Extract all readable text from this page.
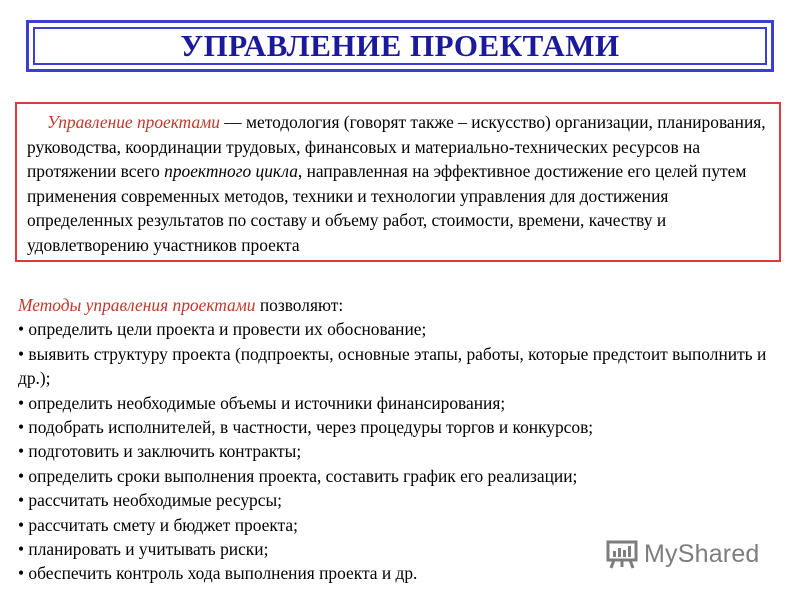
УПРАВЛЕНИЕ ПРОЕКТАМИ
Управление проектами — методология (говорят также – искусство) организации, планирования, руководства, координации трудовых, финансовых и материально-технических ресурсов на протяжении всего проектного цикла, направленная на эффективное достижение его целей путем применения современных методов, техники и технологии управления для достижения определенных результатов по составу и объему работ, стоимости, времени, качеству и удовлетворению участников проекта
Методы управления проектами позволяют:
• определить цели проекта и провести их обоснование;
• выявить структуру проекта (подпроекты, основные этапы, работы, которые предстоит выполнить и др.);
• определить необходимые объемы и источники финансирования;
• подобрать исполнителей, в частности, через процедуры торгов и конкурсов;
• подготовить и заключить контракты;
• определить сроки выполнения проекта, составить график его реализации;
• рассчитать необходимые ресурсы;
• рассчитать смету и бюджет проекта;
• планировать и учитывать риски;
• обеспечить контроль хода выполнения проекта и др.
MyShared
